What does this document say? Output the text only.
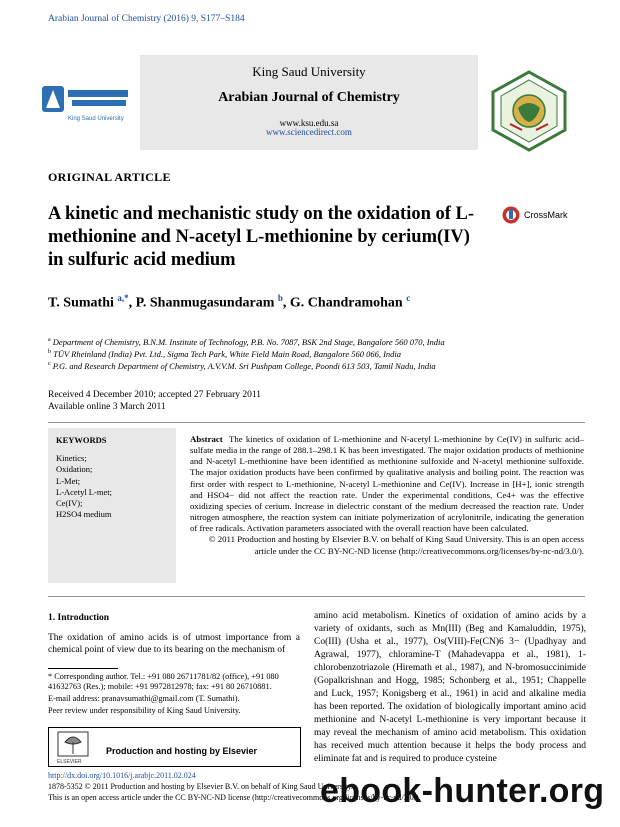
Arabian Journal of Chemistry (2016) 9, S177–S184
King Saud University
King Saud University
Arabian Journal of Chemistry
www.ksu.edu.sa
www.sciencedirect.com
ORIGINAL ARTICLE
A kinetic and mechanistic study on the oxidation of L-methionine and N-acetyl L-methionine by cerium(IV) in sulfuric acid medium
CrossMark
T. Sumathi $^{a,*}$, P. Shanmugasundaram $^b$, G. Chandramohan $^c$
$^a$ Department of Chemistry, B.N.M. Institute of Technology, P.B. No. 7087, BSK 2nd Stage, Bangalore 560 070, India
$^b$ TÜV Rheinland (India) Pvt. Ltd., Sigma Tech Park, White Field Main Road, Bangalore 560 066, India
$^c$ P.G. and Research Department of Chemistry, A.V.V.M. Sri Pushpam College, Poondi 613 503, Tamil Nadu, India
Received 4 December 2010; accepted 27 February 2011
Available online 3 March 2011
KEYWORDS
Kinetics;
Oxidation;
L-Met;
L-Acetyl L-met;
Ce(IV);
H2SO4 medium
Abstract The kinetics of oxidation of L-methionine and N-acetyl L-methionine by Ce(IV) in sulfuric acid–sulfate media in the range of 288.1–298.1 K has been investigated. The major oxidation products of methionine and N-acetyl L-methionine have been identified as methionine sulfoxide and N-acetyl methionine sulfoxide. The major oxidation products have been confirmed by qualitative analysis and boiling point. The reaction was first order with respect to L-methionine, N-acetyl L-methionine and Ce(IV). Increase in [H+], ionic strength and HSO4− did not affect the reaction rate. Under the experimental conditions, Ce4+ was the effective oxidizing species of cerium. Increase in dielectric constant of the medium decreased the reaction rate. Under nitrogen atmosphere, the reaction system can initiate polymerization of acrylonitrile, indicating the generation of free radicals. Activation parameters associated with the overall reaction have been calculated.
© 2011 Production and hosting by Elsevier B.V. on behalf of King Saud University. This is an open access article under the CC BY-NC-ND license (http://creativecommons.org/licenses/by-nc-nd/3.0/).
1. Introduction
The oxidation of amino acids is of utmost importance from a chemical point of view due to its bearing on the mechanism of
* Corresponding author. Tel.: +91 080 26711781/82 (office), +91 080 41632763 (Res.); mobile: +91 9972812978; fax: +91 80 26710881.
E-mail address: pranavsumathi@gmail.com (T. Sumathi).
Peer review under responsibility of King Saud University.
ELSEVIER
Production and hosting by Elsevier
amino acid metabolism. Kinetics of oxidation of amino acids by a variety of oxidants, such as Mn(III) (Beg and Kamaluddin, 1975), Co(III) (Usha et al., 1977), Os(VIII)-Fe(CN)6 3− (Upadhyay and Agrawal, 1977), chloramine-T (Mahadevappa et al., 1981), 1-chlorobenzotriazole (Hiremath et al., 1987), and N-bromosuccinimide (Gopalkrishnan and Hogg, 1985; Schonberg et al., 1951; Chappelle and Luck, 1957; Konigsberg et al., 1961) in acid and alkaline media has been reported. The oxidation of biologically important amino acid methionine and N-acetyl L-methionine is very important because it may reveal the mechanism of amino acid metabolism. This oxidation has received much attention because it helps the body process and eliminate fat and is required to produce cysteine
http://dx.doi.org/10.1016/j.arabjc.2011.02.024
1878-5352 © 2011 Production and hosting by Elsevier B.V. on behalf of King Saud University.
This is an open access article under the CC BY-NC-ND license (http://creativecommons.org/licenses/by-nc-nd/3.0/).
ebook-hunter.org
